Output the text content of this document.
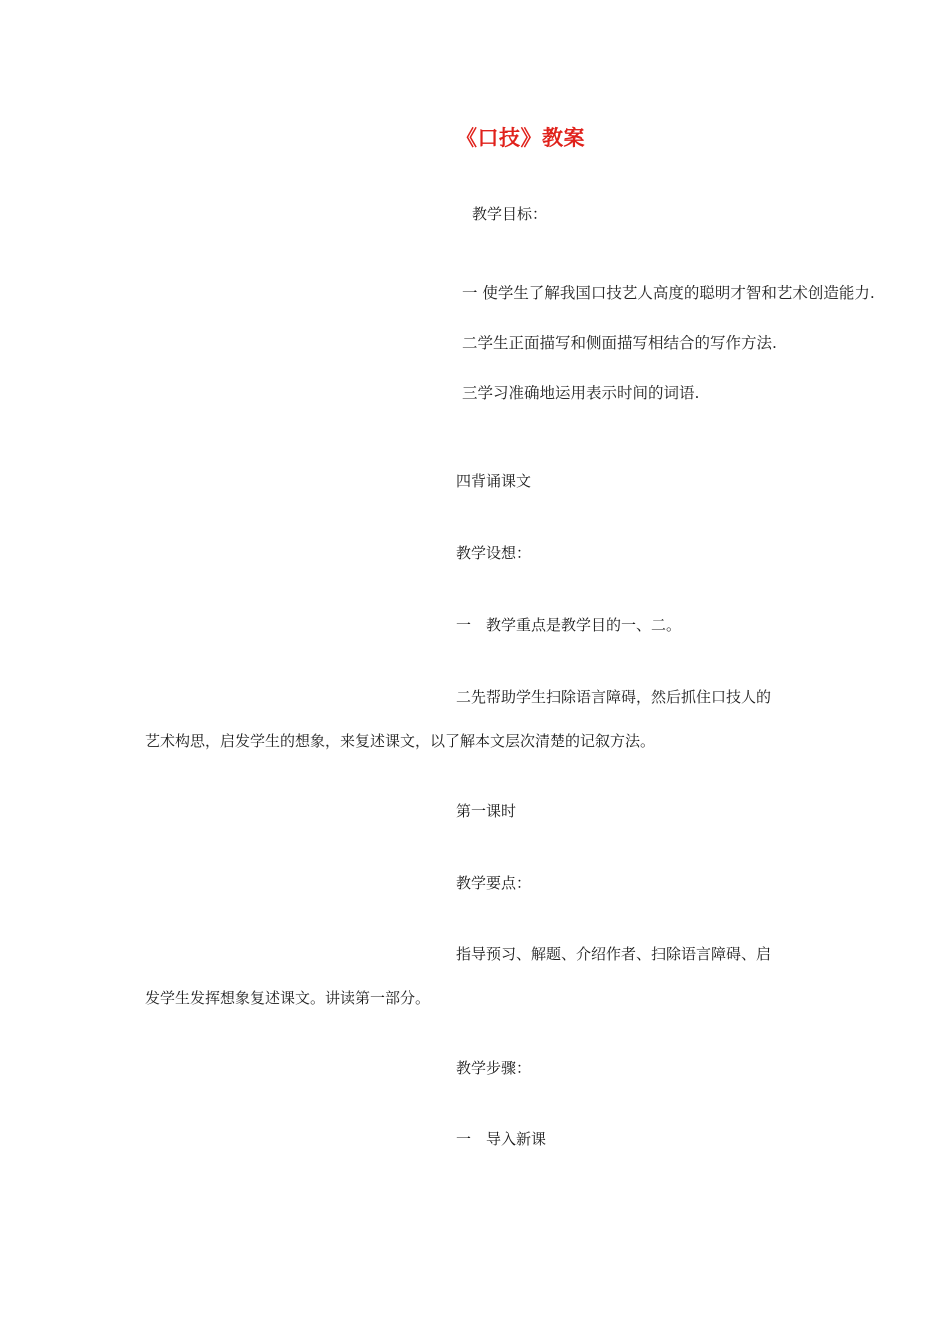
《口技》教案
教学目标：
一 使学生了解我国口技艺人高度的聪明才智和艺术创造能力.
二学生正面描写和侧面描写相结合的写作方法.
三学习准确地运用表示时间的词语.
四背诵课文
教学设想：
一　教学重点是教学目的一、二。
二先帮助学生扫除语言障碍，然后抓住口技人的
艺术构思，启发学生的想象，来复述课文，以了解本文层次清楚的记叙方法。
第一课时
教学要点：
指导预习、解题、介绍作者、扫除语言障碍、启
发学生发挥想象复述课文。讲读第一部分。
教学步骤：
一　导入新课
